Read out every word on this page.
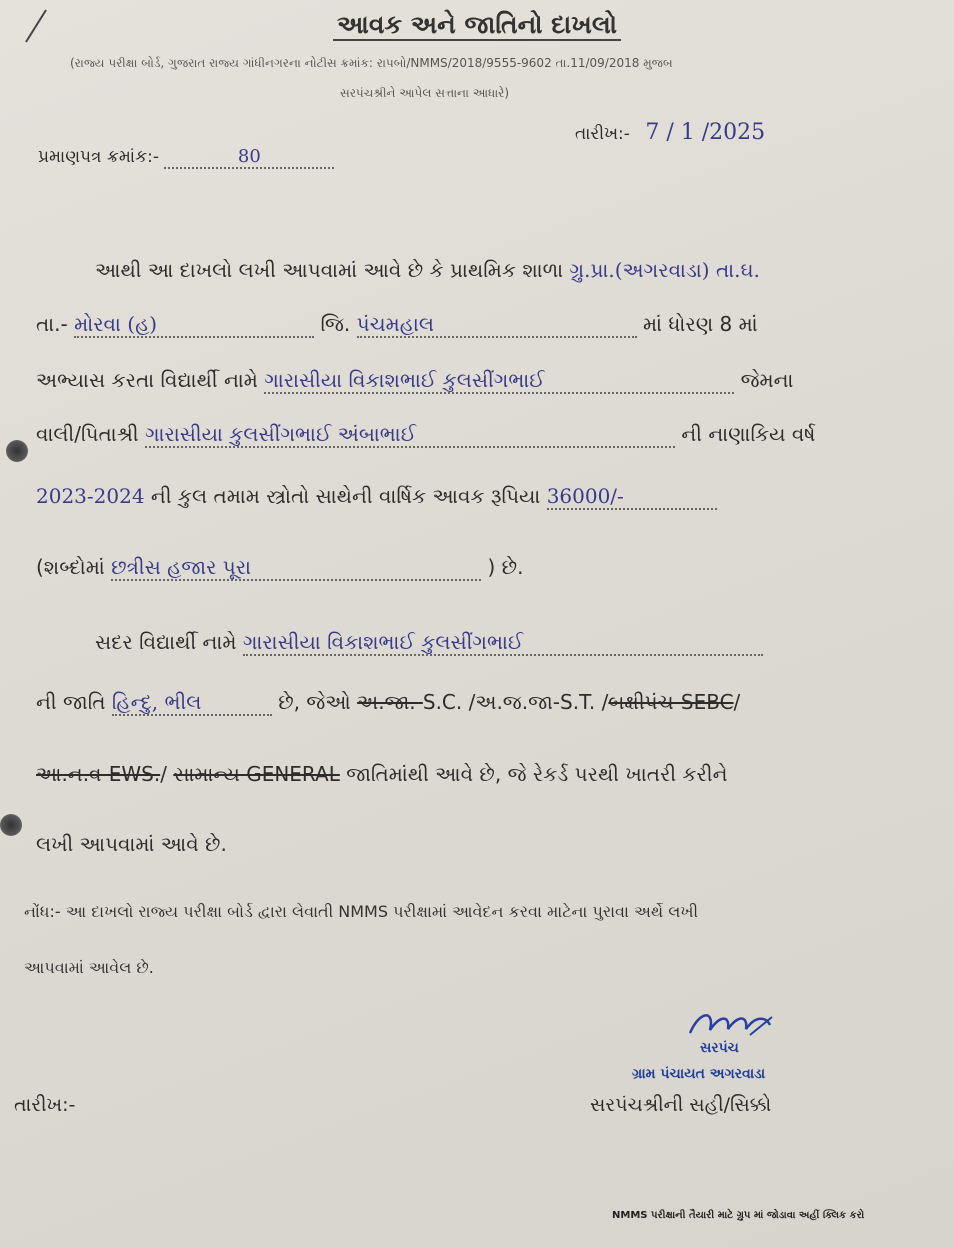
આવક અને જાતિનો દાખલો
(રાજ્ય પરીક્ષા બોર્ડ, ગુજરાત રાજ્ય ગાંધીનગરના નોટીસ ક્રમાંક: રાપબો/NMMS/2018/9555-9602 તા.11/09/2018 મુજબ
સરપંચશ્રીને આપેલ સત્તાના આધારે)
પ્રમાણપત્ર ક્રમાંક:-	80
તારીખ:- 7 / 1 /2025
આથી આ દાખલો લખી આપવામાં આવે છે કે પ્રાથમિક શાળા ગ્રુ.પ્રા.(અગરવાડા) તા.ઘ.
તા.- મોરવા (હ)	જિ. પંચમહાલ	માં ધોરણ 8 માં
અભ્યાસ કરતા વિદ્યાર્થી નામે ગારાસીયા વિકાશભાઈ કુલસીંગભાઈ	જેમના
વાલી/પિતાશ્રી ગારાસીયા કુલસીંગભાઈ અંબાભાઈ	ની નાણાકિય વર્ષ
2023-2024 ની કુલ તમામ સ્ત્રોતો સાથેની વાર્ષિક આવક રૂપિયા 36000/-
(શબ્દોમાં છત્રીસ હજાર પૂરા	) છે.
સદર વિદ્યાર્થી નામે ગારાસીયા વિકાશભાઈ કુલસીંગભાઈ
ની જાતિ હિન્દુ, ભીલ	છે, જેઓ અ.જા.-S.C. /અ.જ.જા-S.T. /બક્ષીપંચ-SEBC/
આ.ન.વ-EWS./ સામાન્ય GENERAL જાતિમાંથી આવે છે, જે રેકર્ડ પરથી ખાતરી કરીને
લખી આપવામાં આવે છે.
નોંધ:- આ દાખલો રાજ્ય પરીક્ષા બોર્ડ દ્વારા લેવાતી NMMS પરીક્ષામાં આવેદન કરવા માટેના પુરાવા અર્થે લખી
આપવામાં આવેલ છે.
સરપંચ
ગ્રામ પંચાયત અગરવાડા
સરપંચશ્રીની સહી/સિક્કો
તારીખ:-
NMMS પરીક્ષાની તૈયારી માટે ગ્રુપ માં જોડાવા અહીં ક્લિક કરો
